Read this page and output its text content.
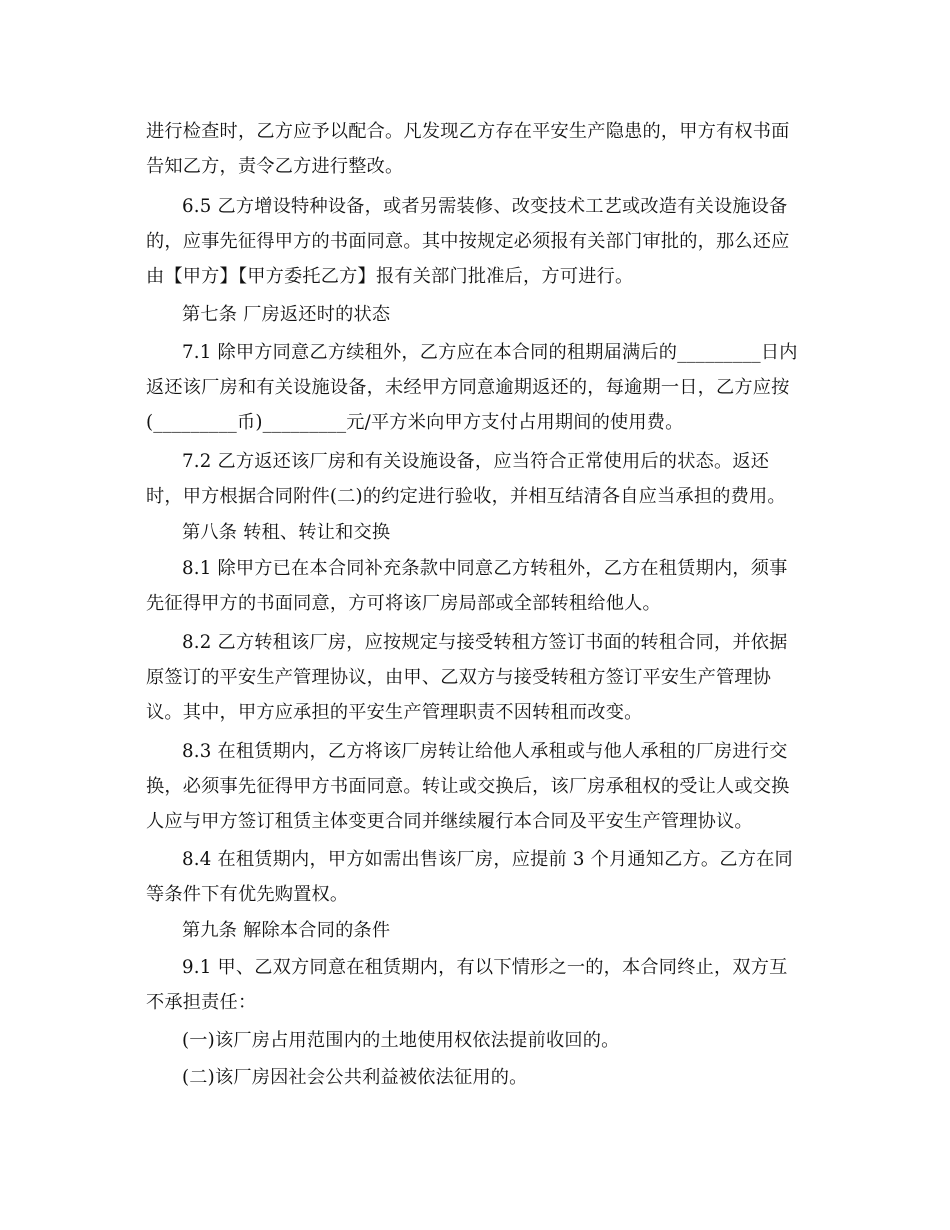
进行检查时，乙方应予以配合。凡发现乙方存在平安生产隐患的，甲方有权书面
告知乙方，责令乙方进行整改。
6.5 乙方增设特种设备，或者另需装修、改变技术工艺或改造有关设施设备
的，应事先征得甲方的书面同意。其中按规定必须报有关部门审批的，那么还应
由【甲方】【甲方委托乙方】报有关部门批准后，方可进行。
第七条 厂房返还时的状态
7.1 除甲方同意乙方续租外，乙方应在本合同的租期届满后的_________日内
返还该厂房和有关设施设备，未经甲方同意逾期返还的，每逾期一日，乙方应按
(_________币)_________元/平方米向甲方支付占用期间的使用费。
7.2 乙方返还该厂房和有关设施设备，应当符合正常使用后的状态。返还
时，甲方根据合同附件(二)的约定进行验收，并相互结清各自应当承担的费用。
第八条 转租、转让和交换
8.1 除甲方已在本合同补充条款中同意乙方转租外，乙方在租赁期内，须事
先征得甲方的书面同意，方可将该厂房局部或全部转租给他人。
8.2 乙方转租该厂房，应按规定与接受转租方签订书面的转租合同，并依据
原签订的平安生产管理协议，由甲、乙双方与接受转租方签订平安生产管理协
议。其中，甲方应承担的平安生产管理职责不因转租而改变。
8.3 在租赁期内，乙方将该厂房转让给他人承租或与他人承租的厂房进行交
换，必须事先征得甲方书面同意。转让或交换后，该厂房承租权的受让人或交换
人应与甲方签订租赁主体变更合同并继续履行本合同及平安生产管理协议。
8.4 在租赁期内，甲方如需出售该厂房，应提前 3 个月通知乙方。乙方在同
等条件下有优先购置权。
第九条 解除本合同的条件
9.1 甲、乙双方同意在租赁期内，有以下情形之一的，本合同终止，双方互
不承担责任：
(一)该厂房占用范围内的土地使用权依法提前收回的。
(二)该厂房因社会公共利益被依法征用的。
